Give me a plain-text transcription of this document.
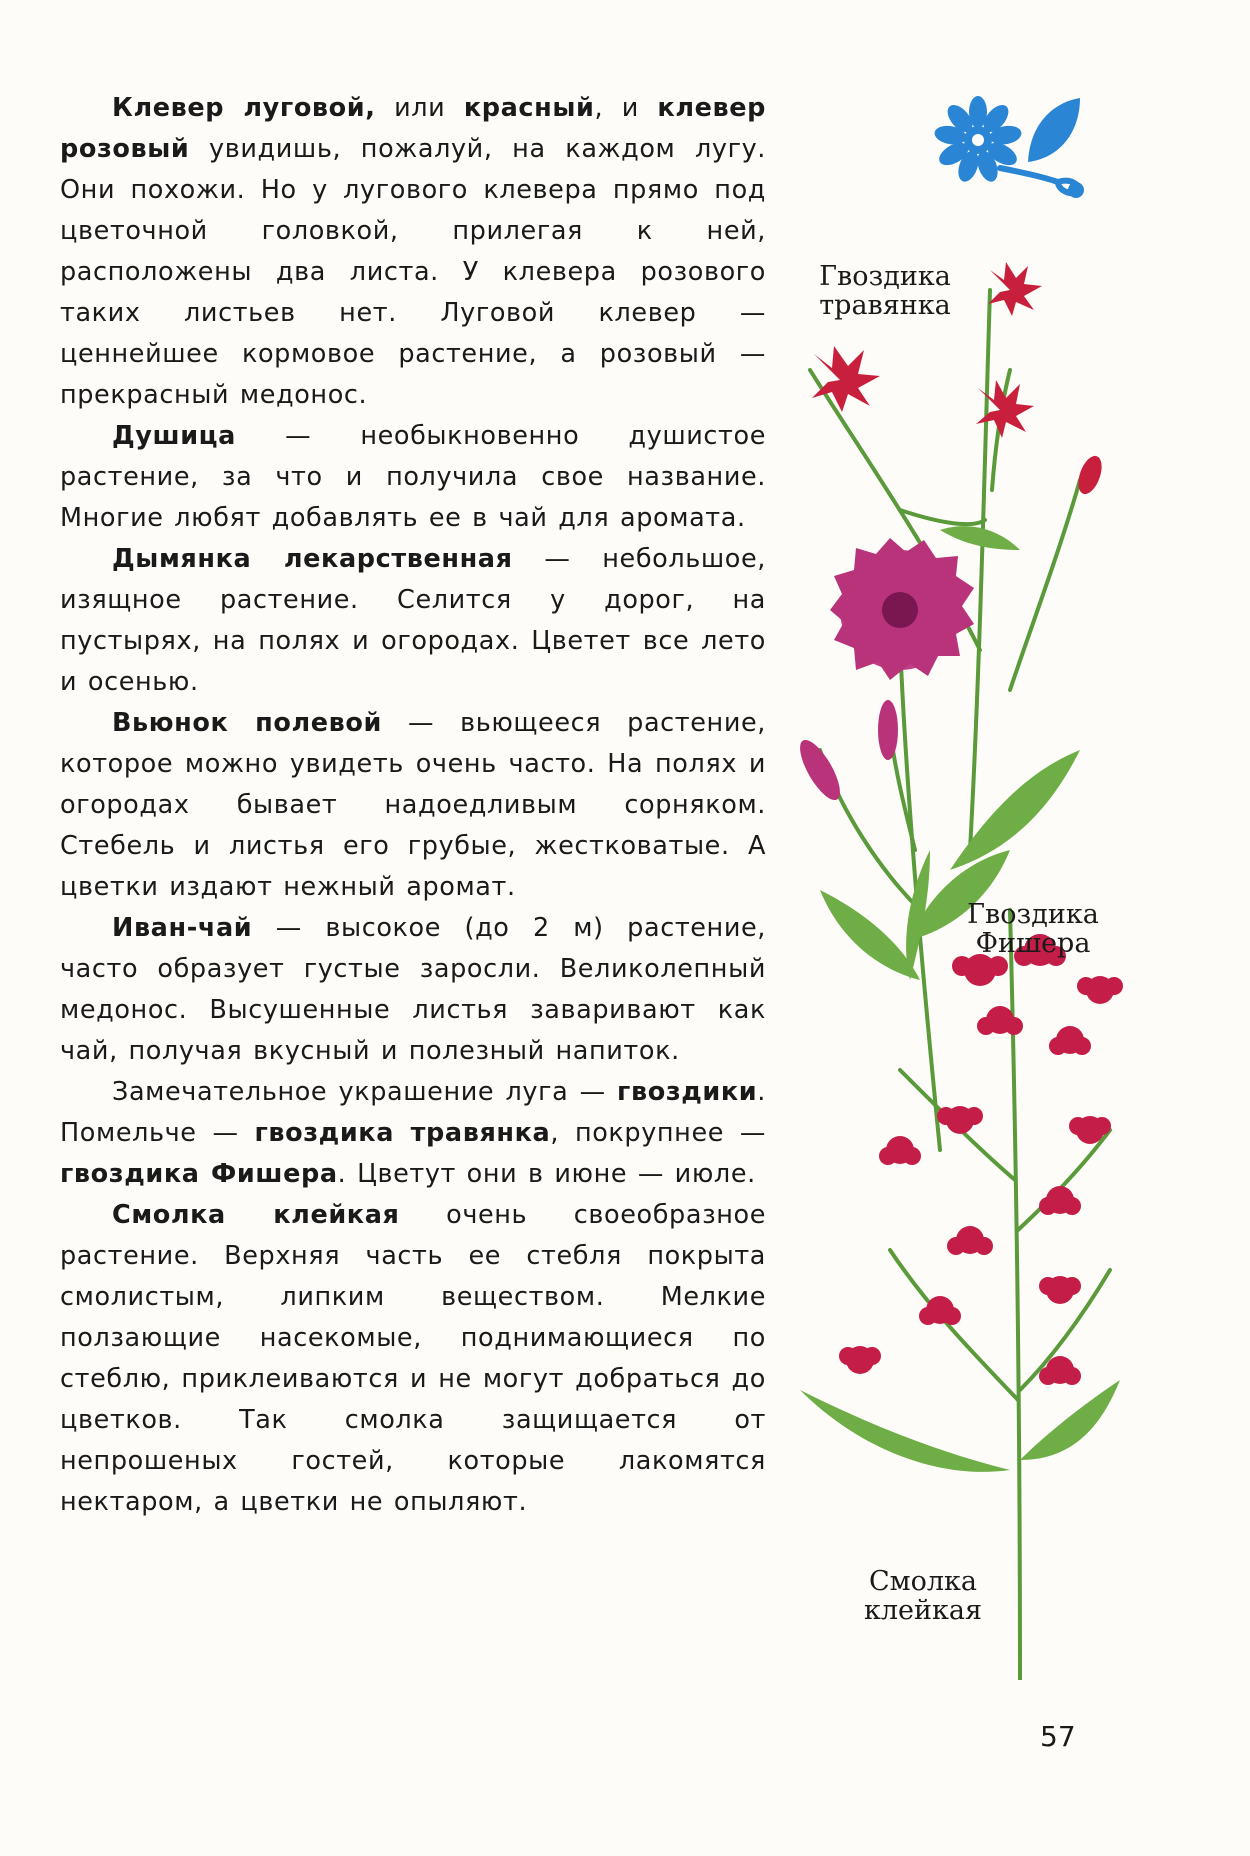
Клевер луговой, или красный, и клевер розовый увидишь, пожалуй, на каждом лугу. Они похожи. Но у лугового клевера прямо под цветочной головкой, прилегая к ней, расположены два листа. У клевера розового таких листьев нет. Луговой клевер — ценнейшее кормовое растение, а розовый — прекрасный медонос.

Душица — необыкновенно душистое растение, за что и получила свое название. Многие любят добавлять ее в чай для аромата.

Дымянка лекарственная — небольшое, изящное растение. Селится у дорог, на пустырях, на полях и огородах. Цветет все лето и осенью.

Вьюнок полевой — вьющееся растение, которое можно увидеть очень часто. На полях и огородах бывает надоедливым сорняком. Стебель и листья его грубые, жестковатые. А цветки издают нежный аромат.

Иван-чай — высокое (до 2 м) растение, часто образует густые заросли. Великолепный медонос. Высушенные листья заваривают как чай, получая вкусный и полезный напиток.

Замечательное украшение луга — гвоздики. Помельче — гвоздика травянка, покрупнее — гвоздика Фишера. Цветут они в июне — июле.

Смолка клейкая очень своеобразное растение. Верхняя часть ее стебля покрыта смолистым, липким веществом. Мелкие ползающие насекомые, поднимающиеся по стеблю, приклеиваются и не могут добраться до цветков. Так смолка защищается от непрошеных гостей, которые лакомятся нектаром, а цветки не опыляют.

Гвоздика
травянка
Гвоздика
Фишера
Смолка
клейкая
57
